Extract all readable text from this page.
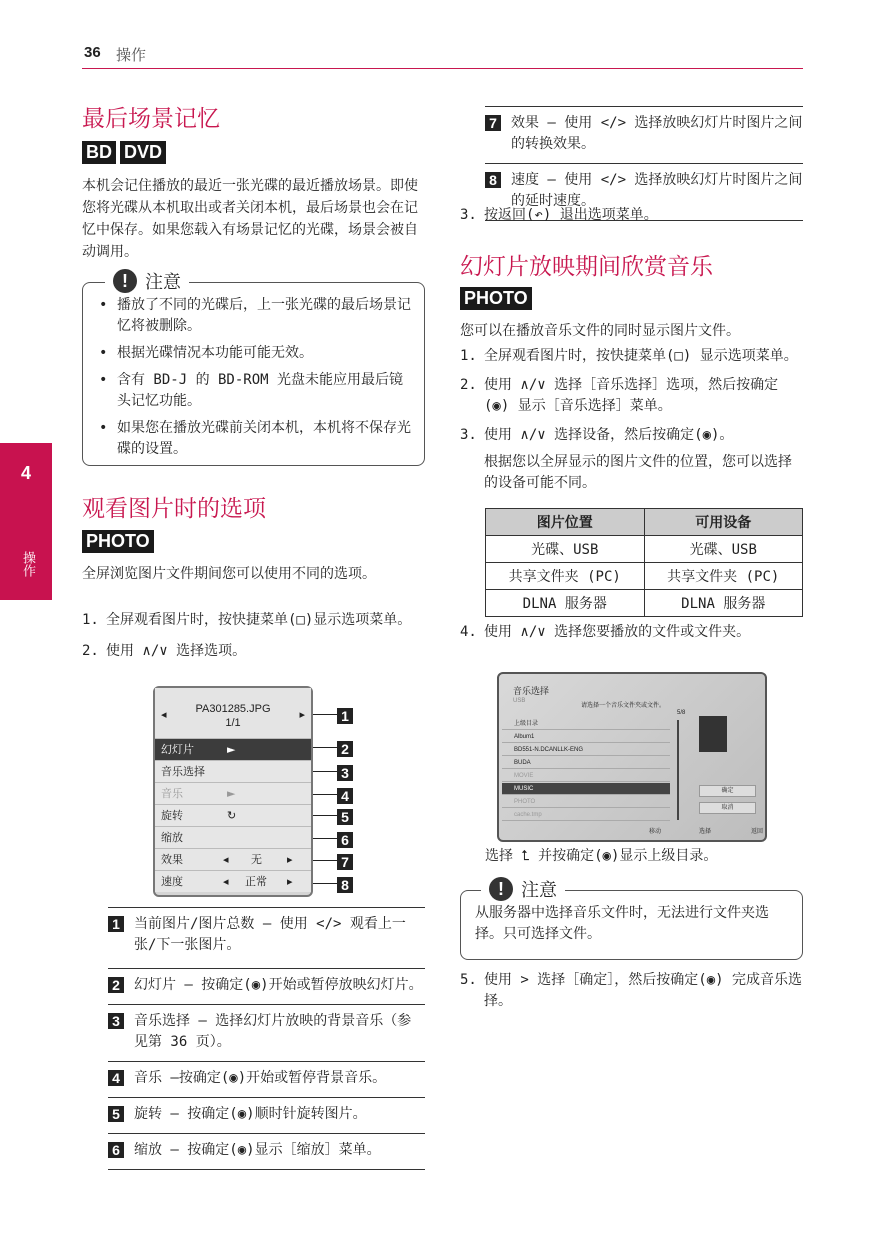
36 操作
4
操作
最后场景记忆
BD DVD
本机会记住播放的最近一张光碟的最近播放场景。即使您将光碟从本机取出或者关闭本机，最后场景也会在记忆中保存。如果您载入有场景记忆的光碟，场景会被自动调用。
! 注意
• 播放了不同的光碟后，上一张光碟的最后场景记忆将被删除。
• 根据光碟情况本功能可能无效。
• 含有 BD-J 的 BD-ROM 光盘未能应用最后镜头记忆功能。
• 如果您在播放光碟前关闭本机，本机将不保存光碟的设置。
观看图片时的选项
PHOTO
全屏浏览图片文件期间您可以使用不同的选项。
1. 全屏观看图片时，按快捷菜单(□)显示选项菜单。
2. 使用 ∧/∨ 选择选项。
◂	PA301285.JPG
1/1
▸
幻灯片	►
音乐选择
音乐	►
旋转	↻
缩放
效果	◂ 无 ▸
速度	◂ 正常 ▸
1
2
3
4
5
6
7
8
1 当前图片/图片总数 – 使用 </> 观看上一张/下一张图片。
2 幻灯片 – 按确定(◉)开始或暂停放映幻灯片。
3 音乐选择 – 选择幻灯片放映的背景音乐（参见第 36 页）。
4 音乐 –按确定(◉)开始或暂停背景音乐。
5 旋转 – 按确定(◉)顺时针旋转图片。
6 缩放 – 按确定(◉)显示［缩放］菜单。
7 效果 – 使用 </> 选择放映幻灯片时图片之间的转换效果。
8 速度 – 使用 </> 选择放映幻灯片时图片之间的延时速度。
3. 按返回(↶) 退出选项菜单。
幻灯片放映期间欣赏音乐
PHOTO
您可以在播放音乐文件的同时显示图片文件。
1. 全屏观看图片时，按快捷菜单(□) 显示选项菜单。
2. 使用 ∧/∨ 选择［音乐选择］选项，然后按确定(◉) 显示［音乐选择］菜单。
3. 使用 ∧/∨ 选择设备，然后按确定(◉)。
根据您以全屏显示的图片文件的位置，您可以选择的设备可能不同。
图片位置	可用设备
光碟、USB	光碟、USB
共享文件夹 (PC)	共享文件夹 (PC)
DLNA 服务器	DLNA 服务器
4. 使用 ∧/∨ 选择您要播放的文件或文件夹。
音乐选择
USB
请选择一个音乐文件夹或文件。
5/8
上级目录
Album1
BD551-N.DCANLLK-ENG
BUDA
MOVIE
MUSIC
PHOTO
cache.tmp
确定
取消
移动	选择	返回
选择 ⮤ 并按确定(◉)显示上级目录。
! 注意
从服务器中选择音乐文件时，无法进行文件夹选择。只可选择文件。
5. 使用 > 选择［确定］，然后按确定(◉) 完成音乐选择。
